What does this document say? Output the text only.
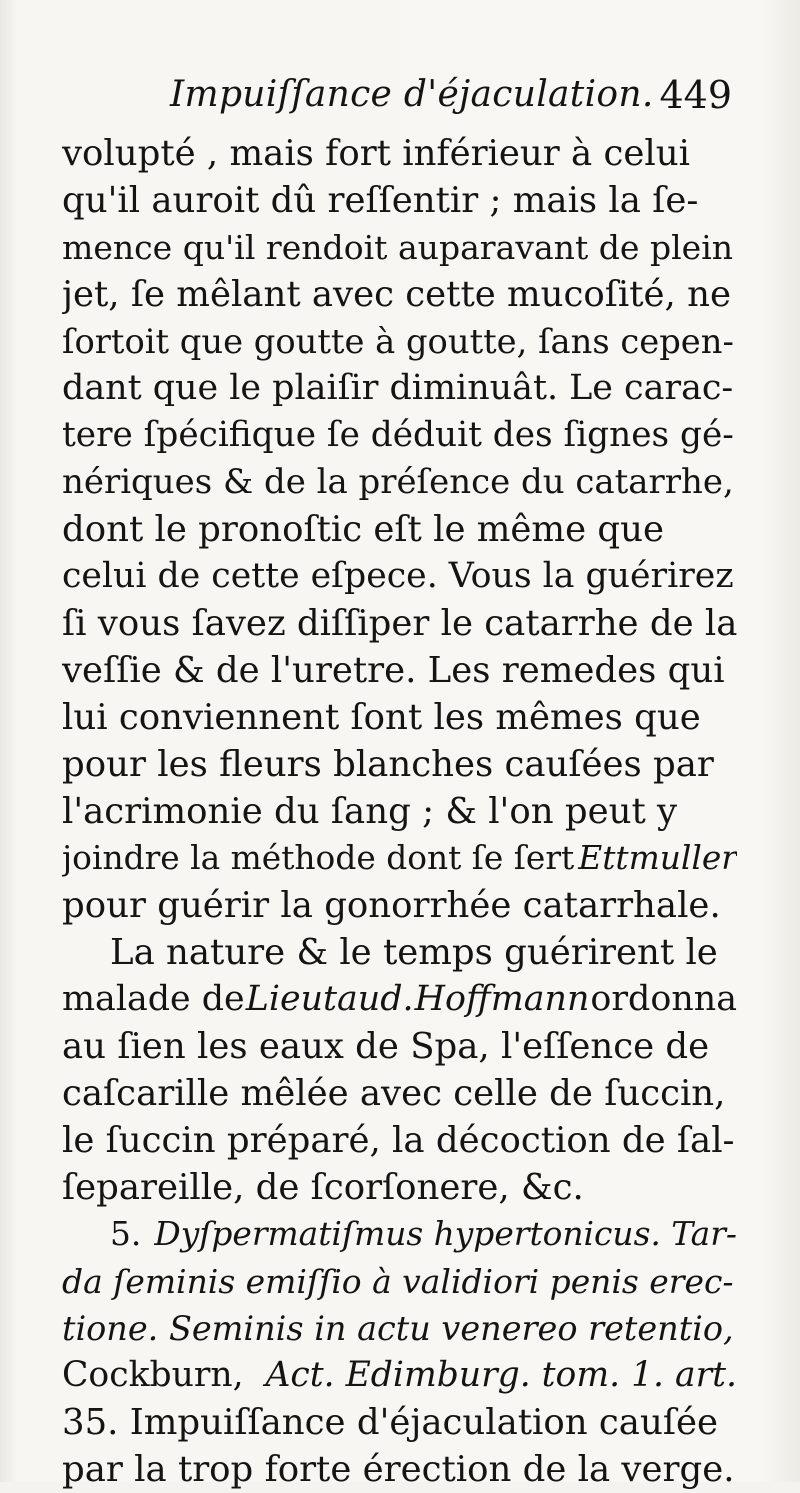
Impuiſſance d'éjaculation. 449
volupté , mais fort inférieur à celui
qu'il auroit dû reſſentir ; mais la ſe-
mence qu'il rendoit auparavant de plein
jet, ſe mêlant avec cette mucoſité, ne
ſortoit que goutte à goutte, ſans cepen-
dant que le plaiſir diminuât. Le carac-
tere ſpécifique ſe déduit des ſignes gé-
nériques & de la préſence du catarrhe,
dont le pronoſtic eſt le même que
celui de cette eſpece. Vous la guérirez
ſi vous ſavez diſſiper le catarrhe de la
veſſie & de l'uretre. Les remedes qui
lui conviennent ſont les mêmes que
pour les fleurs blanches cauſées par
l'acrimonie du ſang ; & l'on peut y
joindre la méthode dont ſe ſert Ettmuller
pour guérir la gonorrhée catarrhale.
La nature & le temps guérirent le
malade de Lieutaud. Hoffmann ordonna
au ſien les eaux de Spa, l'eſſence de
caſcarille mêlée avec celle de ſuccin,
le ſuccin préparé, la décoction de ſal-
ſepareille, de ſcorſonere, &c.
5. Dyſpermatiſmus hypertonicus. Tar-
da ſeminis emiſſio à validiori penis erec-
tione. Seminis in actu venereo retentio,
Cockburn, Act. Edimburg. tom. 1. art.
35. Impuiſſance d'éjaculation cauſée
par la trop forte érection de la verge.
